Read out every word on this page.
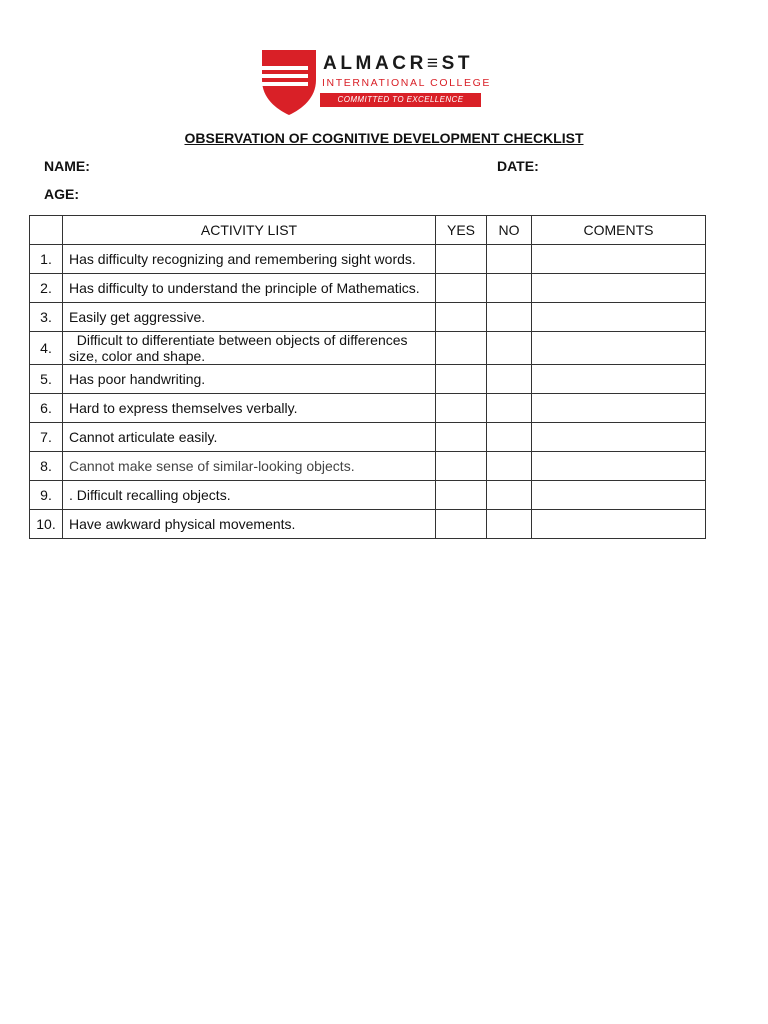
ALMACR≡ST
INTERNATIONAL COLLEGE
COMMITTED TO EXCELLENCE
OBSERVATION OF COGNITIVE DEVELOPMENT CHECKLIST
NAME:	DATE:
AGE:
	ACTIVITY LIST	YES	NO	COMENTS
1.	Has difficulty recognizing and remembering sight words.			
2.	Has difficulty to understand the principle of Mathematics.			
3.	Easily get aggressive.			
4.	Difficult to differentiate between objects of differences size, color and shape.			
5.	Has poor handwriting.			
6.	Hard to express themselves verbally.			
7.	Cannot articulate easily.			
8.	Cannot make sense of similar-looking objects.			
9.	. Difficult recalling objects.			
10.	Have awkward physical movements.			
